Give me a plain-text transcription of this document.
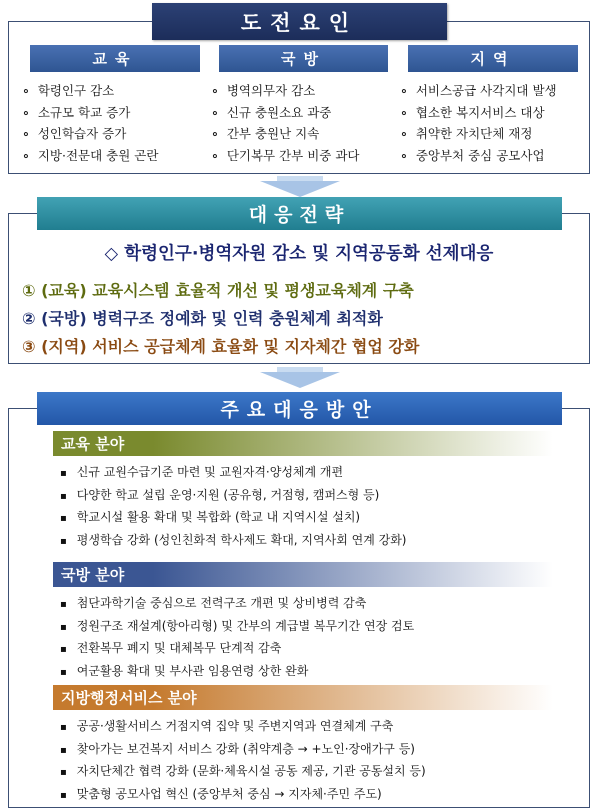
도전요인
교육	국방	지역
∘ 학령인구 감소
∘ 소규모 학교 증가
∘ 성인학습자 증가
∘ 지방·전문대 충원 곤란
∘ 병역의무자 감소
∘ 신규 충원소요 과중
∘ 간부 충원난 지속
∘ 단기복무 간부 비중 과다
∘ 서비스공급 사각지대 발생
∘ 협소한 복지서비스 대상
∘ 취약한 자치단체 재정
∘ 중앙부처 중심 공모사업
대응전략
◇ 학령인구·병역자원 감소 및 지역공동화 선제대응
① (교육) 교육시스템 효율적 개선 및 평생교육체계 구축
② (국방) 병력구조 정예화 및 인력 충원체계 최적화
③ (지역) 서비스 공급체계 효율화 및 지자체간 협업 강화
주요대응방안
교육 분야
▪ 신규 교원수급기준 마련 및 교원자격·양성체계 개편
▪ 다양한 학교 설립 운영·지원 (공유형, 거점형, 캠퍼스형 등)
▪ 학교시설 활용 확대 및 복합화 (학교 내 지역시설 설치)
▪ 평생학습 강화 (성인친화적 학사제도 확대, 지역사회 연계 강화)
국방 분야
▪ 첨단과학기술 중심으로 전력구조 개편 및 상비병력 감축
▪ 정원구조 재설계(항아리형) 및 간부의 계급별 복무기간 연장 검토
▪ 전환복무 폐지 및 대체복무 단계적 감축
▪ 여군활용 확대 및 부사관 임용연령 상한 완화
지방행정서비스 분야
▪ 공공·생활서비스 거점지역 집약 및 주변지역과 연결체계 구축
▪ 찾아가는 보건복지 서비스 강화 (취약계층 → +노인·장애가구 등)
▪ 자치단체간 협력 강화 (문화·체육시설 공동 제공, 기관 공동설치 등)
▪ 맞춤형 공모사업 혁신 (중앙부처 중심 → 지자체·주민 주도)
